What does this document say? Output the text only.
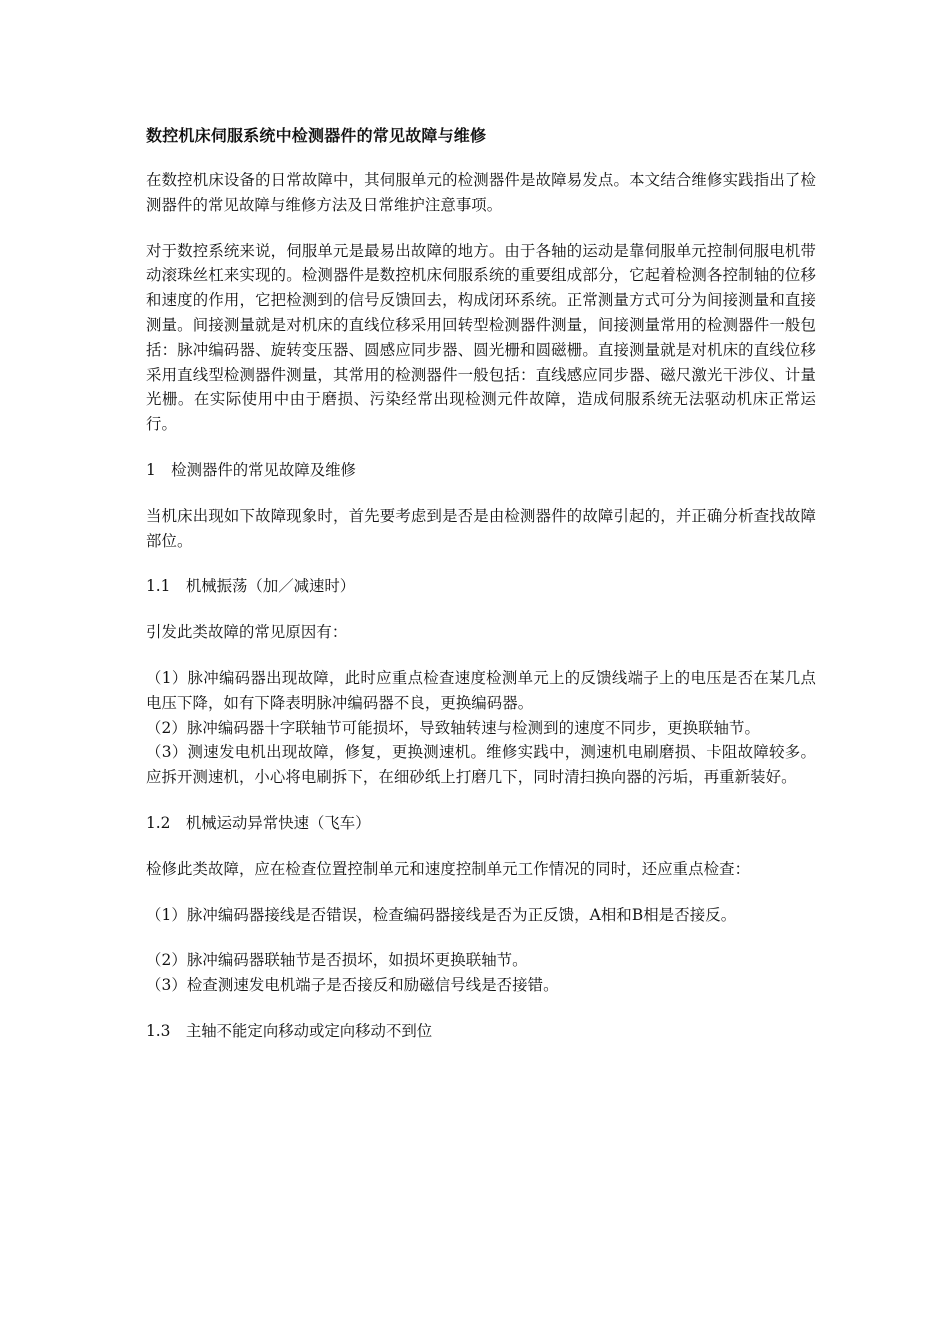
数控机床伺服系统中检测器件的常见故障与维修

在数控机床设备的日常故障中，其伺服单元的检测器件是故障易发点。本文结合维修实践指出了检测器件的常见故障与维修方法及日常维护注意事项。

对于数控系统来说，伺服单元是最易出故障的地方。由于各轴的运动是靠伺服单元控制伺服电机带动滚珠丝杠来实现的。检测器件是数控机床伺服系统的重要组成部分，它起着检测各控制轴的位移和速度的作用，它把检测到的信号反馈回去，构成闭环系统。正常测量方式可分为间接测量和直接测量。间接测量就是对机床的直线位移采用回转型检测器件测量，间接测量常用的检测器件一般包括：脉冲编码器、旋转变压器、圆感应同步器、圆光栅和圆磁栅。直接测量就是对机床的直线位移采用直线型检测器件测量，其常用的检测器件一般包括：直线感应同步器、磁尺激光干涉仪、计量光栅。在实际使用中由于磨损、污染经常出现检测元件故障，造成伺服系统无法驱动机床正常运行。

1　检测器件的常见故障及维修

当机床出现如下故障现象时，首先要考虑到是否是由检测器件的故障引起的，并正确分析查找故障部位。

1.1　机械振荡（加／减速时）

引发此类故障的常见原因有：

（1）脉冲编码器出现故障，此时应重点检查速度检测单元上的反馈线端子上的电压是否在某几点电压下降，如有下降表明脉冲编码器不良，更换编码器。

（2）脉冲编码器十字联轴节可能损坏，导致轴转速与检测到的速度不同步，更换联轴节。

（3）测速发电机出现故障，修复，更换测速机。维修实践中，测速机电刷磨损、卡阻故障较多。应拆开测速机，小心将电刷拆下，在细砂纸上打磨几下，同时清扫换向器的污垢，再重新装好。

1.2　机械运动异常快速（飞车）

检修此类故障，应在检查位置控制单元和速度控制单元工作情况的同时，还应重点检查：

（1）脉冲编码器接线是否错误，检查编码器接线是否为正反馈，A相和B相是否接反。

（2）脉冲编码器联轴节是否损坏，如损坏更换联轴节。

（3）检查测速发电机端子是否接反和励磁信号线是否接错。

1.3　主轴不能定向移动或定向移动不到位
